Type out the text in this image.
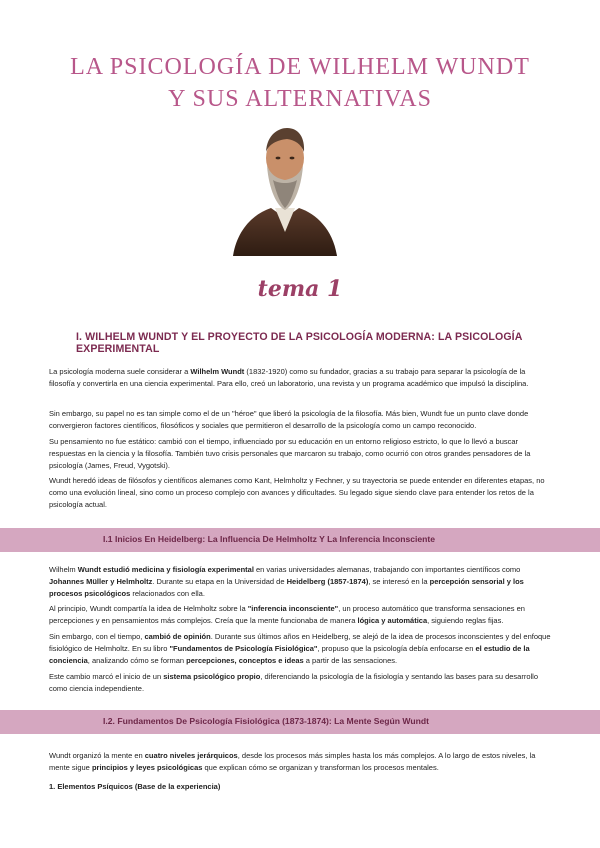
LA PSICOLOGÍA DE WILHELM WUNDT
Y SUS ALTERNATIVAS
tema 1
I. WILHELM WUNDT Y EL PROYECTO DE LA PSICOLOGÍA MODERNA: LA PSICOLOGÍA EXPERIMENTAL

La psicología moderna suele considerar a Wilhelm Wundt (1832-1920) como su fundador, gracias a su trabajo para separar la psicología de la filosofía y convertirla en una ciencia experimental. Para ello, creó un laboratorio, una revista y un programa académico que impulsó la disciplina.

Sin embargo, su papel no es tan simple como el de un "héroe" que liberó la psicología de la filosofía. Más bien, Wundt fue un punto clave donde convergieron factores científicos, filosóficos y sociales que permitieron el desarrollo de la psicología como un campo reconocido.

Su pensamiento no fue estático: cambió con el tiempo, influenciado por su educación en un entorno religioso estricto, lo que lo llevó a buscar respuestas en la ciencia y la filosofía. También tuvo crisis personales que marcaron su trabajo, como ocurrió con otros grandes pensadores de la psicología (James, Freud, Vygotski).

Wundt heredó ideas de filósofos y científicos alemanes como Kant, Helmholtz y Fechner, y su trayectoria se puede entender en diferentes etapas, no como una evolución lineal, sino como un proceso complejo con avances y dificultades. Su legado sigue siendo clave para entender los retos de la psicología actual.

I.1 Inicios En Heidelberg: La Influencia De Helmholtz Y La Inferencia Inconsciente

Wilhelm Wundt estudió medicina y fisiología experimental en varias universidades alemanas, trabajando con importantes científicos como Johannes Müller y Helmholtz. Durante su etapa en la Universidad de Heidelberg (1857-1874), se interesó en la percepción sensorial y los procesos psicológicos relacionados con ella.

Al principio, Wundt compartía la idea de Helmholtz sobre la "inferencia inconsciente", un proceso automático que transforma sensaciones en percepciones y en pensamientos más complejos. Creía que la mente funcionaba de manera lógica y automática, siguiendo reglas fijas.

Sin embargo, con el tiempo, cambió de opinión. Durante sus últimos años en Heidelberg, se alejó de la idea de procesos inconscientes y del enfoque fisiológico de Helmholtz. En su libro "Fundamentos de Psicología Fisiológica", propuso que la psicología debía enfocarse en el estudio de la conciencia, analizando cómo se forman percepciones, conceptos e ideas a partir de las sensaciones.

Este cambio marcó el inicio de un sistema psicológico propio, diferenciando la psicología de la fisiología y sentando las bases para su desarrollo como ciencia independiente.

I.2. Fundamentos De Psicología Fisiológica (1873-1874): La Mente Según Wundt

Wundt organizó la mente en cuatro niveles jerárquicos, desde los procesos más simples hasta los más complejos. A lo largo de estos niveles, la mente sigue principios y leyes psicológicas que explican cómo se organizan y transforman los procesos mentales.

1. Elementos Psíquicos (Base de la experiencia)
